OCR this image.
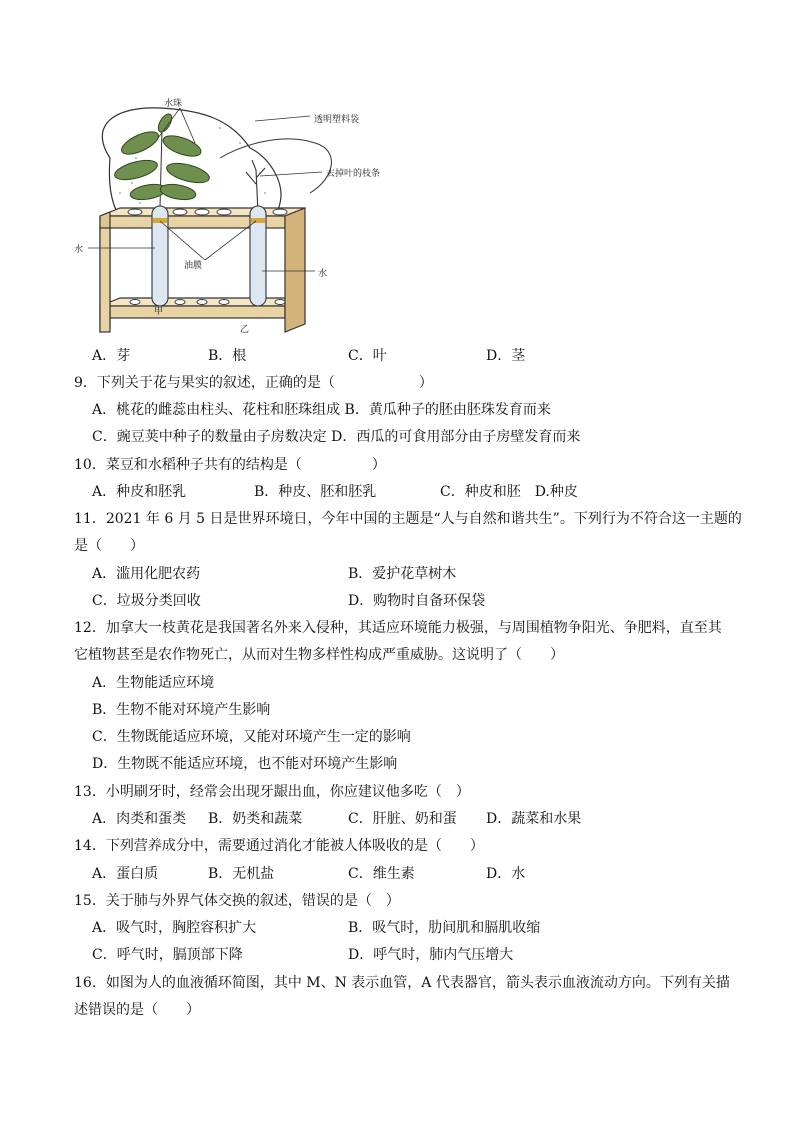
水珠
透明塑料袋
去掉叶的枝条
水
油膜
水
甲
乙
A．芽	B．根	C．叶	D．茎
9．下列关于花与果实的叙述，正确的是（　　　　　　）
A．桃花的雌蕊由柱头、花柱和胚珠组成 B．黄瓜种子的胚由胚珠发育而来
C．豌豆荚中种子的数量由子房数决定 D．西瓜的可食用部分由子房壁发育而来
10．菜豆和水稻种子共有的结构是（　　　　　）
A．种皮和胚乳	B．种皮、胚和胚乳	C．种皮和胚　D.种皮
11．2021 年 6 月 5 日是世界环境日，今年中国的主题是“人与自然和谐共生”。下列行为不符合这一主题的
是（　　）
A．滥用化肥农药	B．爱护花草树木
C．垃圾分类回收	D．购物时自备环保袋
12．加拿大一枝黄花是我国著名外来入侵种，其适应环境能力极强，与周围植物争阳光、争肥料，直至其
它植物甚至是农作物死亡，从而对生物多样性构成严重威胁。这说明了（　　）
A．生物能适应环境
B．生物不能对环境产生影响
C．生物既能适应环境，又能对环境产生一定的影响
D．生物既不能适应环境，也不能对环境产生影响
13．小明刷牙时，经常会出现牙龈出血，你应建议他多吃（　）
A．肉类和蛋类 B．奶类和蔬菜	C．肝脏、奶和蛋 D．蔬菜和水果
14．下列营养成分中，需要通过消化才能被人体吸收的是（　　）
A．蛋白质	B．无机盐	C．维生素	D．水
15．关于肺与外界气体交换的叙述，错误的是（　）
A．吸气时，胸腔容积扩大	B．吸气时，肋间肌和膈肌收缩
C．呼气时，膈顶部下降	D．呼气时，肺内气压增大
16．如图为人的血液循环简图，其中 M、N 表示血管，A 代表器官，箭头表示血液流动方向。下列有关描
述错误的是（　　）
